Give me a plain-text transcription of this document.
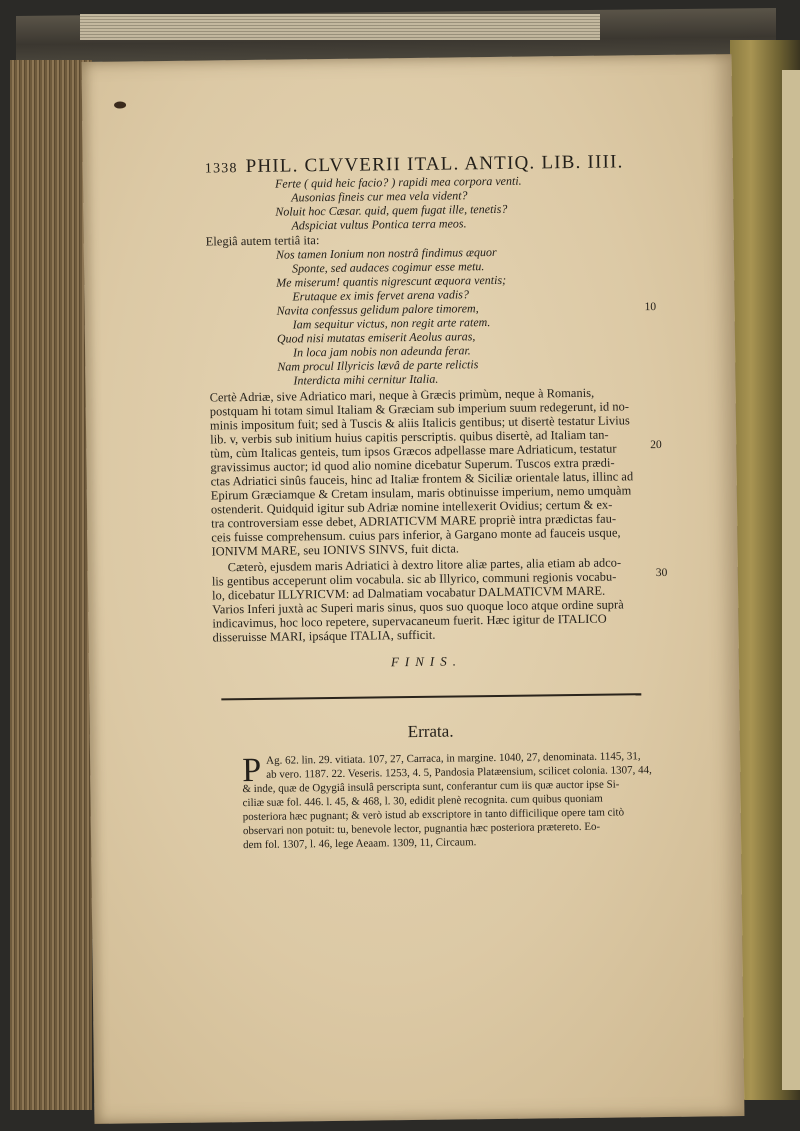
1338 PHIL. CLVVERII ITAL. ANTIQ. LIB. IIII.
Ferte ( quid heic facio? ) rapidi mea corpora venti.
Ausonias fineis cur mea vela vident?
Noluit hoc Cæsar. quid, quem fugat ille, tenetis?
Adspiciat vultus Pontica terra meos.
Elegiâ autem tertiâ ita:
Nos tamen Ionium non nostrâ findimus æquor
Sponte, sed audaces cogimur esse metu.
Me miserum! quantis nigrescunt æquora ventis;
Erutaque ex imis fervet arena vadis?
Navita confessus gelidum palore timorem,
Iam sequitur victus, non regit arte ratem.
Quod nisi mutatas emiserit Aeolus auras,
In loca jam nobis non adeunda ferar.
Nam procul Illyricis lævâ de parte relictis
Interdicta mihi cernitur Italia.
Certè Adriæ, sive Adriatico mari, neque à Græcis primùm, neque à Romanis,
postquam hi totam simul Italiam & Græciam sub imperium suum redegerunt, id no-
minis impositum fuit; sed à Tuscis & aliis Italicis gentibus; ut disertè testatur Livius
lib. v, verbis sub initium huius capitis perscriptis. quibus disertè, ad Italiam tan-
tùm, cùm Italicas genteis, tum ipsos Græcos adpellasse mare Adriaticum, testatur
gravissimus auctor; id quod alio nomine dicebatur Superum. Tuscos extra prædi-
ctas Adriatici sinûs fauceis, hinc ad Italiæ frontem & Siciliæ orientale latus, illinc ad
Epirum Græciamque & Cretam insulam, maris obtinuisse imperium, nemo umquàm
ostenderit. Quidquid igitur sub Adriæ nomine intellexerit Ovidius; certum & ex-
tra controversiam esse debet, ADRIATICVM MARE propriè intra prædictas fau-
ceis fuisse comprehensum. cuius pars inferior, à Gargano monte ad fauceis usque,
IONIVM MARE, seu IONIVS SINVS, fuit dicta.
Cæterò, ejusdem maris Adriatici à dextro litore aliæ partes, alia etiam ab adco-
lis gentibus acceperunt olim vocabula. sic ab Illyrico, communi regionis vocabu-
lo, dicebatur ILLYRICVM: ad Dalmatiam vocabatur DALMATICVM MARE.
Varios Inferi juxtà ac Superi maris sinus, quos suo quoque loco atque ordine suprà
indicavimus, hoc loco repetere, supervacaneum fuerit. Hæc igitur de ITALICO
disseruisse MARI, ipsáque ITALIA, sufficit.
10
20
30
FINIS.
Errata.
P Ag. 62. lin. 29. vitiata. 107, 27, Carraca, in margine. 1040, 27, denominata. 1145, 31,
ab vero. 1187. 22. Veseris. 1253, 4. 5, Pandosia Platæensium, scilicet colonia. 1307, 44,
& inde, quæ de Ogygiâ insulâ perscripta sunt, conferantur cum iis quæ auctor ipse Si-
ciliæ suæ fol. 446. l. 45, & 468, l. 30, edidit plenè recognita. cum quibus quoniam
posteriora hæc pugnant; & verò istud ab exscriptore in tanto difficilique opere tam citò
observari non potuit: tu, benevole lector, pugnantia hæc posteriora prætereto. Eo-
dem fol. 1307, l. 46, lege Aeaam. 1309, 11, Circaum.
